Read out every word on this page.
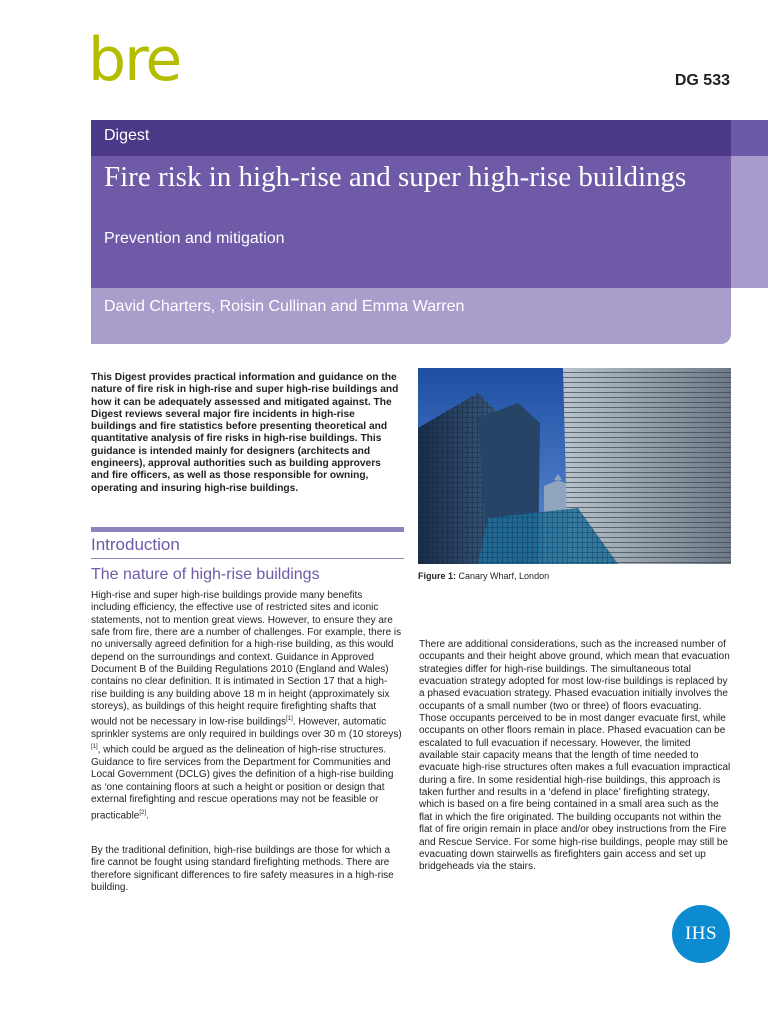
bre	DG 533
Digest
Fire risk in high-rise and super high-rise buildings
Prevention and mitigation
David Charters, Roisin Cullinan and Emma Warren

This Digest provides practical information and guidance on the nature of fire risk in high-rise and super high-rise buildings and how it can be adequately assessed and mitigated against. The Digest reviews several major fire incidents in high-rise buildings and fire statistics before presenting theoretical and quantitative analysis of fire risks in high-rise buildings. This guidance is intended mainly for designers (architects and engineers), approval authorities such as building approvers and fire officers, as well as those responsible for owning, operating and insuring high-rise buildings.

Introduction
The nature of high-rise buildings

High-rise and super high-rise buildings provide many benefits including efficiency, the effective use of restricted sites and iconic statements, not to mention great views. However, to ensure they are safe from fire, there are a number of challenges. For example, there is no universally agreed definition for a high-rise building, as this would depend on the surroundings and context. Guidance in Approved Document B of the Building Regulations 2010 (England and Wales) contains no clear definition. It is intimated in Section 17 that a high-rise building is any building above 18 m in height (approximately six storeys), as buildings of this height require firefighting shafts that would not be necessary in low-rise buildings[1]. However, automatic sprinkler systems are only required in buildings over 30 m (10 storeys)[1], which could be argued as the delineation of high-rise structures. Guidance to fire services from the Department for Communities and Local Government (DCLG) gives the definition of a high-rise building as ‘one containing floors at such a height or position or design that external firefighting and rescue operations may not be feasible or practicable[2].

By the traditional definition, high-rise buildings are those for which a fire cannot be fought using standard firefighting methods. There are therefore significant differences to fire safety measures in a high-rise building.

There are additional considerations, such as the increased number of occupants and their height above ground, which mean that evacuation strategies differ for high-rise buildings. The simultaneous total evacuation strategy adopted for most low-rise buildings is replaced by a phased evacuation strategy. Phased evacuation initially involves the occupants of a small number (two or three) of floors evacuating. Those occupants perceived to be in most danger evacuate first, while occupants on other floors remain in place. Phased evacuation can be escalated to full evacuation if necessary. However, the limited available stair capacity means that the length of time needed to evacuate high-rise structures often makes a full evacuation impractical during a fire. In some residential high-rise buildings, this approach is taken further and results in a ‘defend in place’ firefighting strategy, which is based on a fire being contained in a small area such as the flat in which the fire originated. The building occupants not within the flat of fire origin remain in place and/or obey instructions from the Fire and Rescue Service. For some high-rise buildings, people may still be evacuating down stairwells as firefighters gain access and set up bridgeheads via the stairs.

Figure 1: Canary Wharf, London
IHS
